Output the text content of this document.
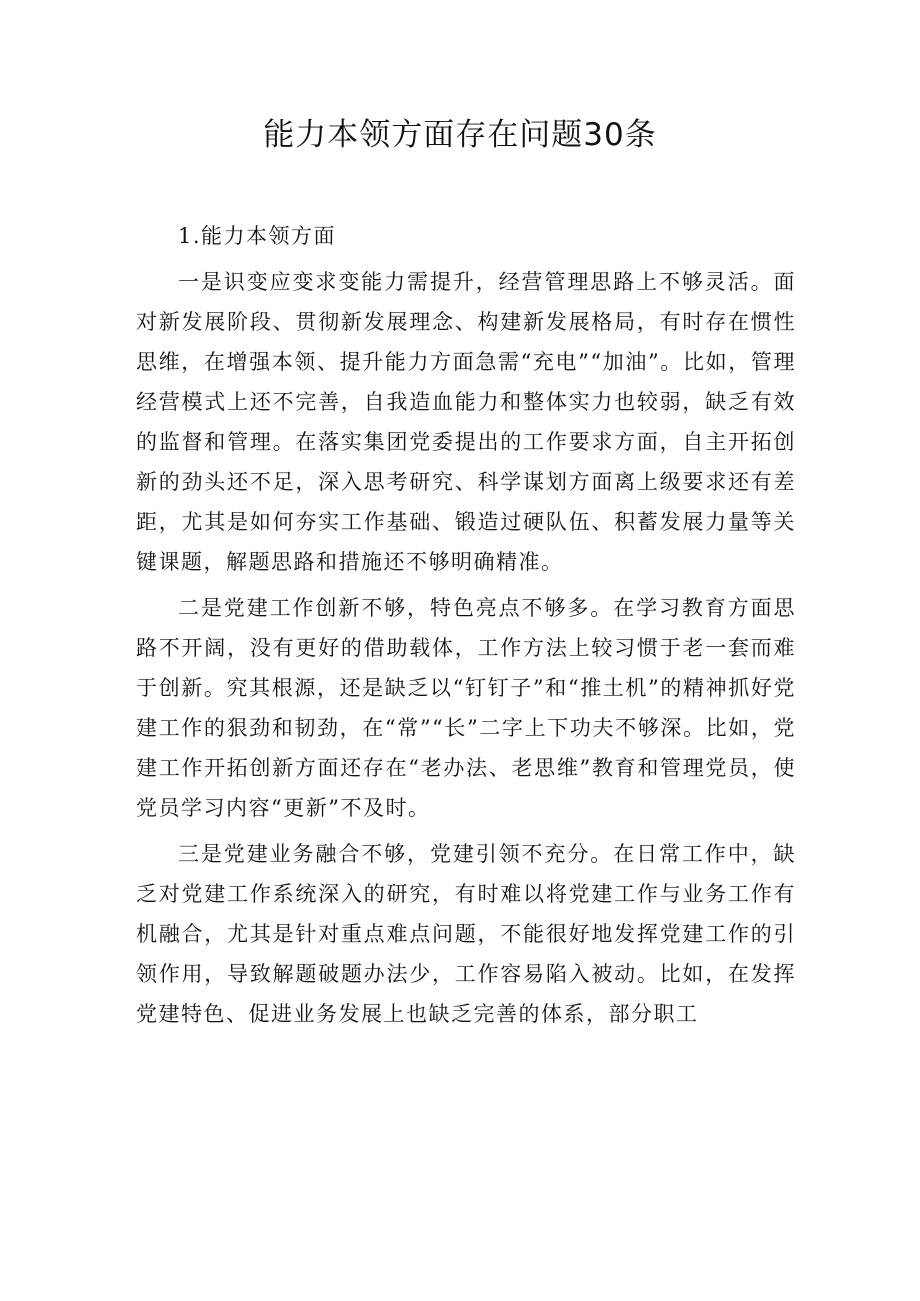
能力本领方面存在问题30条

1.能力本领方面

一是识变应变求变能力需提升，经营管理思路上不够灵活。面对新发展阶段、贯彻新发展理念、构建新发展格局，有时存在惯性思维，在增强本领、提升能力方面急需“充电”“加油”。比如，管理经营模式上还不完善，自我造血能力和整体实力也较弱，缺乏有效的监督和管理。在落实集团党委提出的工作要求方面，自主开拓创新的劲头还不足，深入思考研究、科学谋划方面离上级要求还有差距，尤其是如何夯实工作基础、锻造过硬队伍、积蓄发展力量等关键课题，解题思路和措施还不够明确精准。

二是党建工作创新不够，特色亮点不够多。在学习教育方面思路不开阔，没有更好的借助载体，工作方法上较习惯于老一套而难于创新。究其根源，还是缺乏以“钉钉子”和“推土机”的精神抓好党建工作的狠劲和韧劲，在“常”“长”二字上下功夫不够深。比如，党建工作开拓创新方面还存在“老办法、老思维”教育和管理党员，使党员学习内容“更新”不及时。

三是党建业务融合不够，党建引领不充分。在日常工作中，缺乏对党建工作系统深入的研究，有时难以将党建工作与业务工作有机融合，尤其是针对重点难点问题，不能很好地发挥党建工作的引领作用，导致解题破题办法少，工作容易陷入被动。比如，在发挥党建特色、促进业务发展上也缺乏完善的体系，部分职工
